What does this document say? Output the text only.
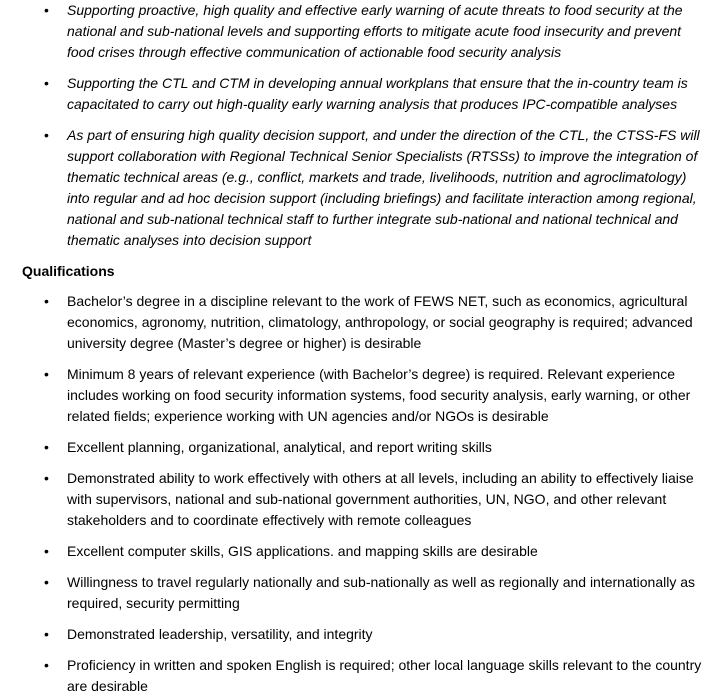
• Supporting proactive, high quality and effective early warning of acute threats to food security at the national and sub-national levels and supporting efforts to mitigate acute food insecurity and prevent food crises through effective communication of actionable food security analysis
• Supporting the CTL and CTM in developing annual workplans that ensure that the in-country team is capacitated to carry out high-quality early warning analysis that produces IPC-compatible analyses
• As part of ensuring high quality decision support, and under the direction of the CTL, the CTSS-FS will support collaboration with Regional Technical Senior Specialists (RTSSs) to improve the integration of thematic technical areas (e.g., conflict, markets and trade, livelihoods, nutrition and agroclimatology) into regular and ad hoc decision support (including briefings) and facilitate interaction among regional, national and sub-national technical staff to further integrate sub-national and national technical and thematic analyses into decision support
Qualifications
• Bachelor’s degree in a discipline relevant to the work of FEWS NET, such as economics, agricultural economics, agronomy, nutrition, climatology, anthropology, or social geography is required; advanced university degree (Master’s degree or higher) is desirable
• Minimum 8 years of relevant experience (with Bachelor’s degree) is required. Relevant experience includes working on food security information systems, food security analysis, early warning, or other related fields; experience working with UN agencies and/or NGOs is desirable
• Excellent planning, organizational, analytical, and report writing skills
• Demonstrated ability to work effectively with others at all levels, including an ability to effectively liaise with supervisors, national and sub-national government authorities, UN, NGO, and other relevant stakeholders and to coordinate effectively with remote colleagues
• Excellent computer skills, GIS applications. and mapping skills are desirable
• Willingness to travel regularly nationally and sub-nationally as well as regionally and internationally as required, security permitting
• Demonstrated leadership, versatility, and integrity
• Proficiency in written and spoken English is required; other local language skills relevant to the country are desirable
